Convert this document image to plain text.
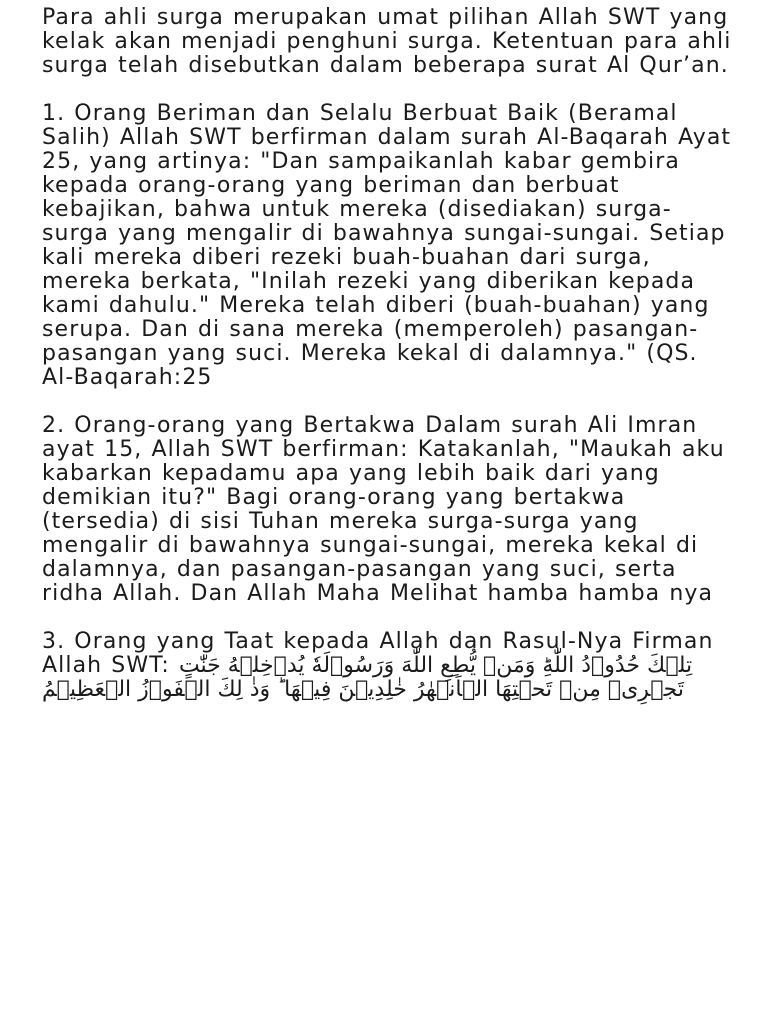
Para ahli surga merupakan umat pilihan Allah SWT yang kelak akan menjadi penghuni surga. Ketentuan para ahli surga telah disebutkan dalam beberapa surat Al Qur’an.

1. Orang Beriman dan Selalu Berbuat Baik (Beramal Salih) Allah SWT berfirman dalam surah Al-Baqarah Ayat 25, yang artinya: "Dan sampaikanlah kabar gembira kepada orang-orang yang beriman dan berbuat kebajikan, bahwa untuk mereka (disediakan) surga-surga yang mengalir di bawahnya sungai-sungai. Setiap kali mereka diberi rezeki buah-buahan dari surga, mereka berkata, "Inilah rezeki yang diberikan kepada kami dahulu." Mereka telah diberi (buah-buahan) yang serupa. Dan di sana mereka (memperoleh) pasangan-pasangan yang suci. Mereka kekal di dalamnya." (QS. Al-Baqarah:25

2. Orang-orang yang Bertakwa Dalam surah Ali Imran ayat 15, Allah SWT berfirman: Katakanlah, "Maukah aku kabarkan kepadamu apa yang lebih baik dari yang demikian itu?" Bagi orang-orang yang bertakwa (tersedia) di sisi Tuhan mereka surga-surga yang mengalir di bawahnya sungai-sungai, mereka kekal di dalamnya, dan pasangan-pasangan yang suci, serta ridha Allah. Dan Allah Maha Melihat hamba hamba nya

3. Orang yang Taat kepada Allah dan Rasul-Nya Firman Allah SWT: تِلۡكَ حُدُوۡدُ اللّٰهِ‌ؕ وَمَنۡ يُّطِعِ اللّٰهَ وَرَسُوۡلَهٗ يُدۡخِلۡهُ جَنّٰتٍ تَجۡرِىۡ مِنۡ تَحۡتِهَا الۡاَنۡهٰرُ خٰلِدِيۡنَ فِيۡهَا‌ ؕ وَذٰ لِكَ الۡفَوۡزُ الۡعَظِيۡمُ
